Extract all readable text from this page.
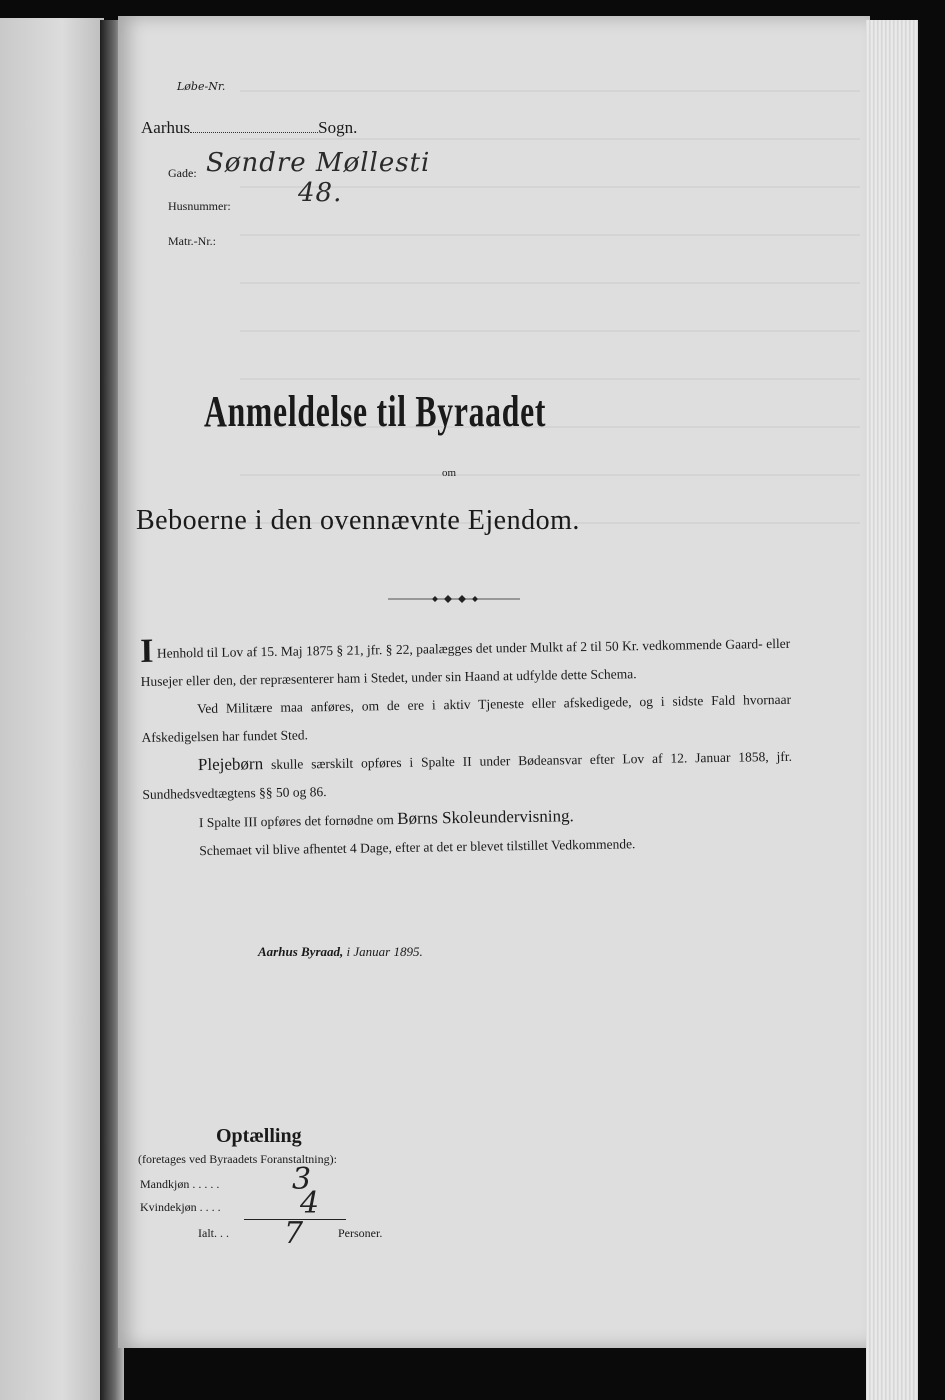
Løbe-Nr.
Aarhus	Sogn.
Gade: Søndre Møllesti
Husnummer:	48.
Matr.-Nr.:
Anmeldelse til Byraadet
om
Beboerne i den ovennævnte Ejendom.

I Henhold til Lov af 15. Maj 1875 § 21, jfr. § 22, paalægges det under Mulkt af 2 til 50 Kr. vedkommende Gaard- eller Husejer eller den, der repræsenterer ham i Stedet, under sin Haand at udfylde dette Schema.

Ved Militære maa anføres, om de ere i aktiv Tjeneste eller afskedigede, og i sidste Fald hvornaar Afskedigelsen har fundet Sted.

Plejebørn skulle særskilt opføres i Spalte II under Bødeansvar efter Lov af 12. Januar 1858, jfr. Sundhedsvedtægtens §§ 50 og 86.

I Spalte III opføres det fornødne om Børns Skoleundervisning.

Schemaet vil blive afhentet 4 Dage, efter at det er blevet tilstillet Vedkommende.

Aarhus Byraad, i Januar 1895.
Optælling
(foretages ved Byraadets Foranstaltning):
Mandkjøn . . . . . 3
Kvindekjøn . . . .	4
Ialt. . . 7	Personer.
